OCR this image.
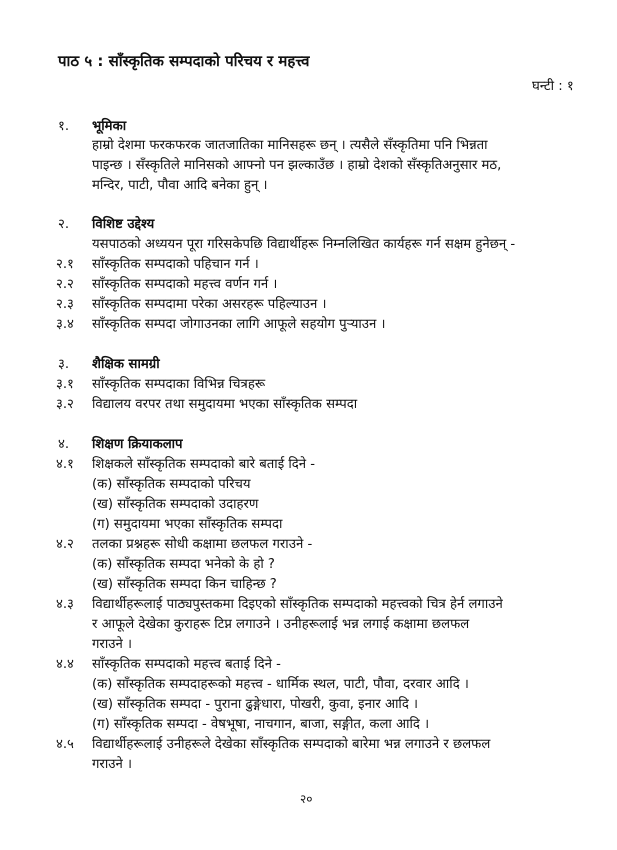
पाठ ५ : साँस्कृतिक सम्पदाको परिचय र महत्त्व
घन्टी : १
१. भूमिका
हाम्रो देशमा फरकफरक जातजातिका मानिसहरू छन् । त्यसैले सँस्कृतिमा पनि भिन्नता
पाइन्छ । सँस्कृतिले मानिसको आफ्नो पन झल्काउँछ । हाम्रो देशको सँस्कृतिअनुसार मठ,
मन्दिर, पाटी, पौवा आदि बनेका हुन् ।
२. विशिष्ट उद्देश्य
यसपाठको अध्ययन पूरा गरिसकेपछि विद्यार्थीहरू निम्नलिखित कार्यहरू गर्न सक्षम हुनेछन् -
२.१ साँस्कृतिक सम्पदाको पहिचान गर्न ।
२.२ साँस्कृतिक सम्पदाको महत्त्व वर्णन गर्न ।
२.३ साँस्कृतिक सम्पदामा परेका असरहरू पहिल्याउन ।
३.४ साँस्कृतिक सम्पदा जोगाउनका लागि आफूले सहयोग पुऱ्याउन ।
३. शैक्षिक सामग्री
३.१ साँस्कृतिक सम्पदाका विभिन्न चित्रहरू
३.२ विद्यालय वरपर तथा समुदायमा भएका साँस्कृतिक सम्पदा
४. शिक्षण क्रियाकलाप
४.१ शिक्षकले साँस्कृतिक सम्पदाको बारे बताई दिने -
(क) साँस्कृतिक सम्पदाको परिचय
(ख) साँस्कृतिक सम्पदाको उदाहरण
(ग) समुदायमा भएका साँस्कृतिक सम्पदा
४.२ तलका प्रश्नहरू सोधी कक्षामा छलफल गराउने -
(क) साँस्कृतिक सम्पदा भनेको के हो ?
(ख) साँस्कृतिक सम्पदा किन चाहिन्छ ?
४.३ विद्यार्थीहरूलाई पाठ्यपुस्तकमा दिइएको साँस्कृतिक सम्पदाको महत्त्वको चित्र हेर्न लगाउने
र आफूले देखेका कुराहरू टिप्न लगाउने । उनीहरूलाई भन्न लगाई कक्षामा छलफल
गराउने ।
४.४ साँस्कृतिक सम्पदाको महत्त्व बताई दिने -
(क) साँस्कृतिक सम्पदाहरूको महत्त्व - धार्मिक स्थल, पाटी, पौवा, दरवार आदि ।
(ख) साँस्कृतिक सम्पदा - पुराना ढुङ्गेधारा, पोखरी, कुवा, इनार आदि ।
(ग) साँस्कृतिक सम्पदा - वेषभूषा, नाचगान, बाजा, सङ्गीत, कला आदि ।
४.५ विद्यार्थीहरूलाई उनीहरूले देखेका साँस्कृतिक सम्पदाको बारेमा भन्न लगाउने र छलफल
गराउने ।
२०
